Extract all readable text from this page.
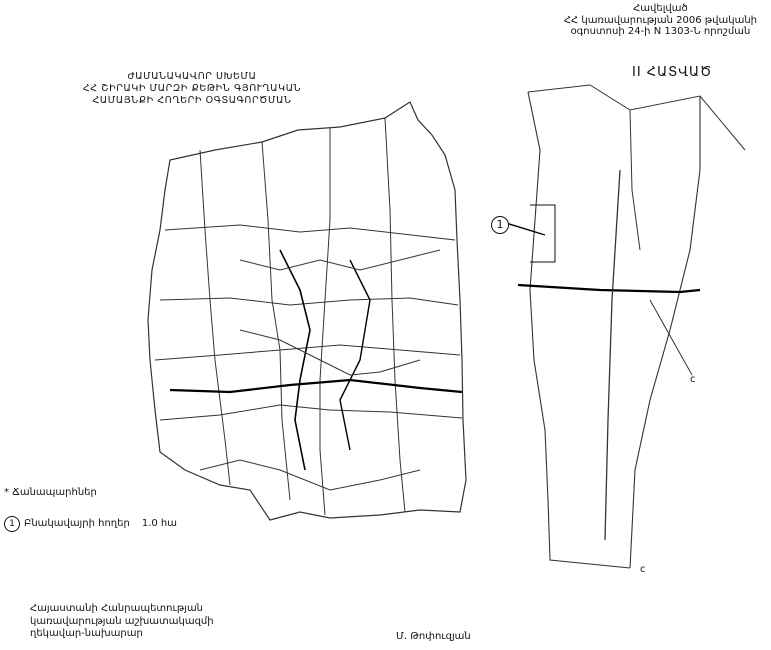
Հավելված
ՀՀ կառավարության 2006 թվականի
օգոստոսի 24-ի N 1303-Ն որոշման
ԺԱՄԱՆԱԿԱՎՈՐ ՍԽԵՄԱ
ՀՀ ՇԻՐԱԿԻ ՄԱՐԶԻ ՔԵԹԻՆ ԳՅՈՒՂԱԿԱՆ
ՀԱՄԱՅՆՔԻ ՀՈՂԵՐԻ ՕԳՏԱԳՈՐԾՄԱՆ
II ՀԱՏՎԱԾ
1
c
c
* Ճանապարհներ
1 Բնակավայրի հողեր 1.0 հա
Հայաստանի Հանրապետության
կառավարության աշխատակազմի
ղեկավար-նախարար	Մ. Թոփուզյան
